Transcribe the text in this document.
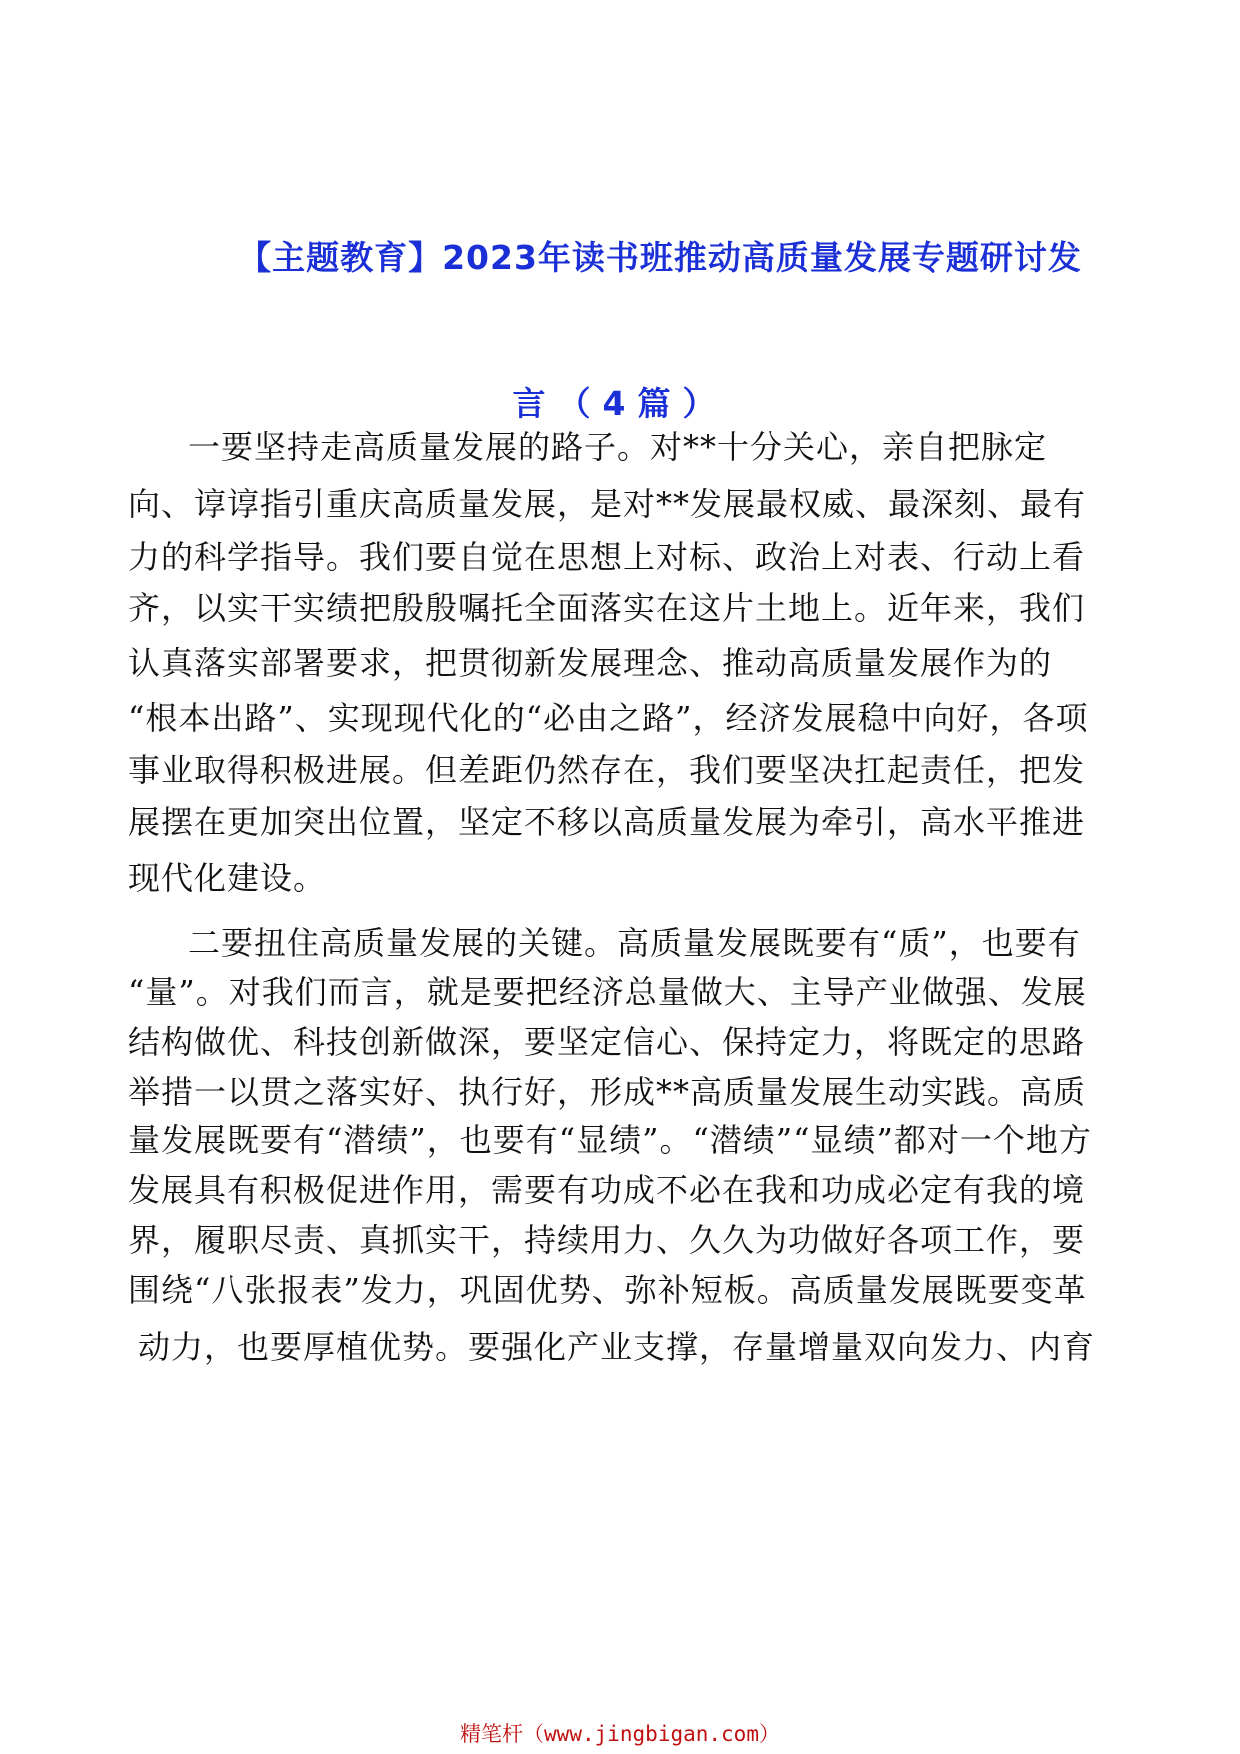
【主题教育】2023年读书班推动高质量发展专题研讨发
言（4篇）
一要坚持走高质量发展的路子。对**十分关心，亲自把脉定
向、谆谆指引重庆高质量发展，是对**发展最权威、最深刻、最有
力的科学指导。我们要自觉在思想上对标、政治上对表、行动上看
齐，以实干实绩把殷殷嘱托全面落实在这片土地上。近年来，我们
认真落实部署要求，把贯彻新发展理念、推动高质量发展作为的
“根本出路”、实现现代化的“必由之路”，经济发展稳中向好，各项
事业取得积极进展。但差距仍然存在，我们要坚决扛起责任，把发
展摆在更加突出位置，坚定不移以高质量发展为牵引，高水平推进
现代化建设。
二要扭住高质量发展的关键。高质量发展既要有“质”，也要有
“量”。对我们而言，就是要把经济总量做大、主导产业做强、发展
结构做优、科技创新做深，要坚定信心、保持定力，将既定的思路
举措一以贯之落实好、执行好，形成**高质量发展生动实践。高质
量发展既要有“潜绩”，也要有“显绩”。“潜绩”“显绩”都对一个地方
发展具有积极促进作用，需要有功成不必在我和功成必定有我的境
界，履职尽责、真抓实干，持续用力、久久为功做好各项工作，要
围绕“八张报表”发力，巩固优势、弥补短板。高质量发展既要变革
动力，也要厚植优势。要强化产业支撑，存量增量双向发力、内育
精笔杆（www.jingbigan.com）
